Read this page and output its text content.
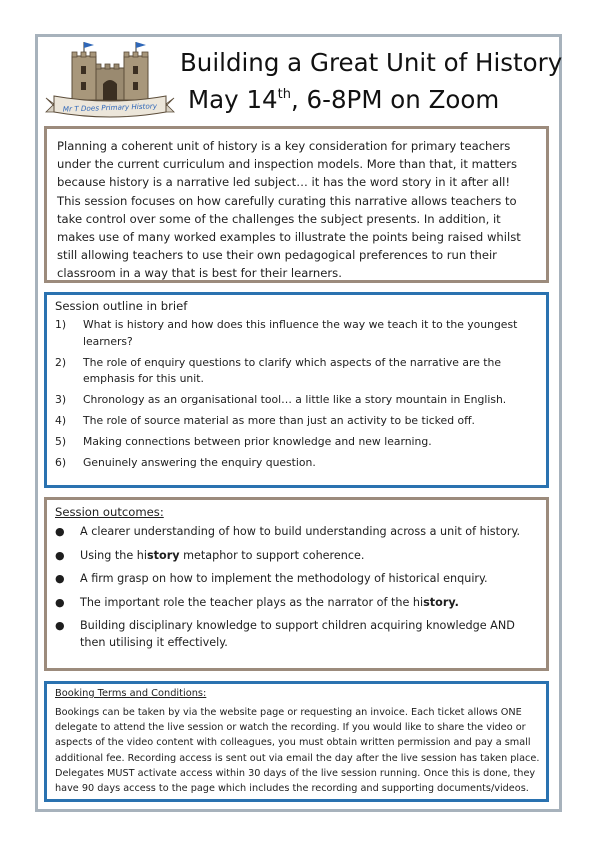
Mr T Does Primary History
Building a Great Unit of History
May 14th, 6-8PM on Zoom

Planning a coherent unit of history is a key consideration for primary teachers under the current curriculum and inspection models. More than that, it matters because history is a narrative led subject… it has the word story in it after all! This session focuses on how carefully curating this narrative allows teachers to take control over some of the challenges the subject presents. In addition, it makes use of many worked examples to illustrate the points being raised whilst still allowing teachers to use their own pedagogical preferences to run their classroom in a way that is best for their learners.

Session outline in brief

1)	What is history and how does this influence the way we teach it to the youngest learners?
2)	The role of enquiry questions to clarify which aspects of the narrative are the emphasis for this unit.
3)	Chronology as an organisational tool… a little like a story mountain in English.
4)	The role of source material as more than just an activity to be ticked off.
5)	Making connections between prior knowledge and new learning.
6)	Genuinely answering the enquiry question.

Session outcomes:

●	A clearer understanding of how to build understanding across a unit of history.
●	Using the history metaphor to support coherence.
●	A firm grasp on how to implement the methodology of historical enquiry.
●	The important role the teacher plays as the narrator of the history.
●	Building disciplinary knowledge to support children acquiring knowledge AND then utilising it effectively.

Booking Terms and Conditions:

Bookings can be taken by via the website page or requesting an invoice. Each ticket allows ONE delegate to attend the live session or watch the recording. If you would like to share the video or aspects of the video content with colleagues, you must obtain written permission and pay a small additional fee. Recording access is sent out via email the day after the live session has taken place. Delegates MUST activate access within 30 days of the live session running. Once this is done, they have 90 days access to the page which includes the recording and supporting documents/videos.
